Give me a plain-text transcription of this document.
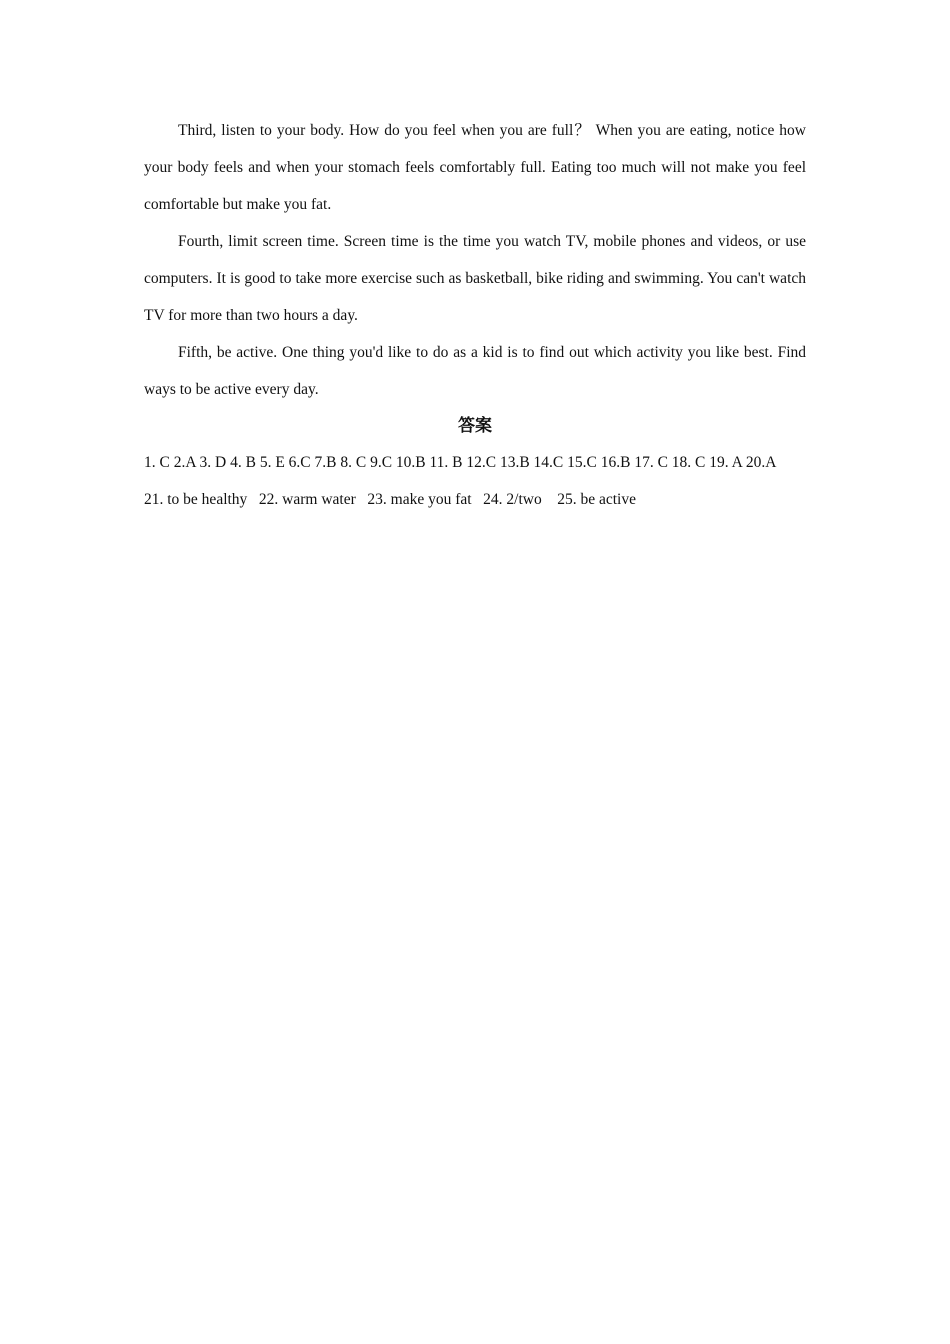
Third, listen to your body. How do you feel when you are full？ When you are eating, notice how your body feels and when your stomach feels comfortably full. Eating too much will not make you feel comfortable but make you fat.

Fourth, limit screen time. Screen time is the time you watch TV, mobile phones and videos, or use computers. It is good to take more exercise such as basketball, bike riding and swimming. You can't watch TV for more than two hours a day.

Fifth, be active. One thing you'd like to do as a kid is to find out which activity you like best. Find ways to be active every day.

答案

1. C 2.A 3. D 4. B 5. E 6.C 7.B 8. C 9.C 10.B 11. B 12.C 13.B 14.C 15.C 16.B 17. C 18. C 19. A 20.A

21. to be healthy   22. warm water   23. make you fat   24. 2/two    25. be active
